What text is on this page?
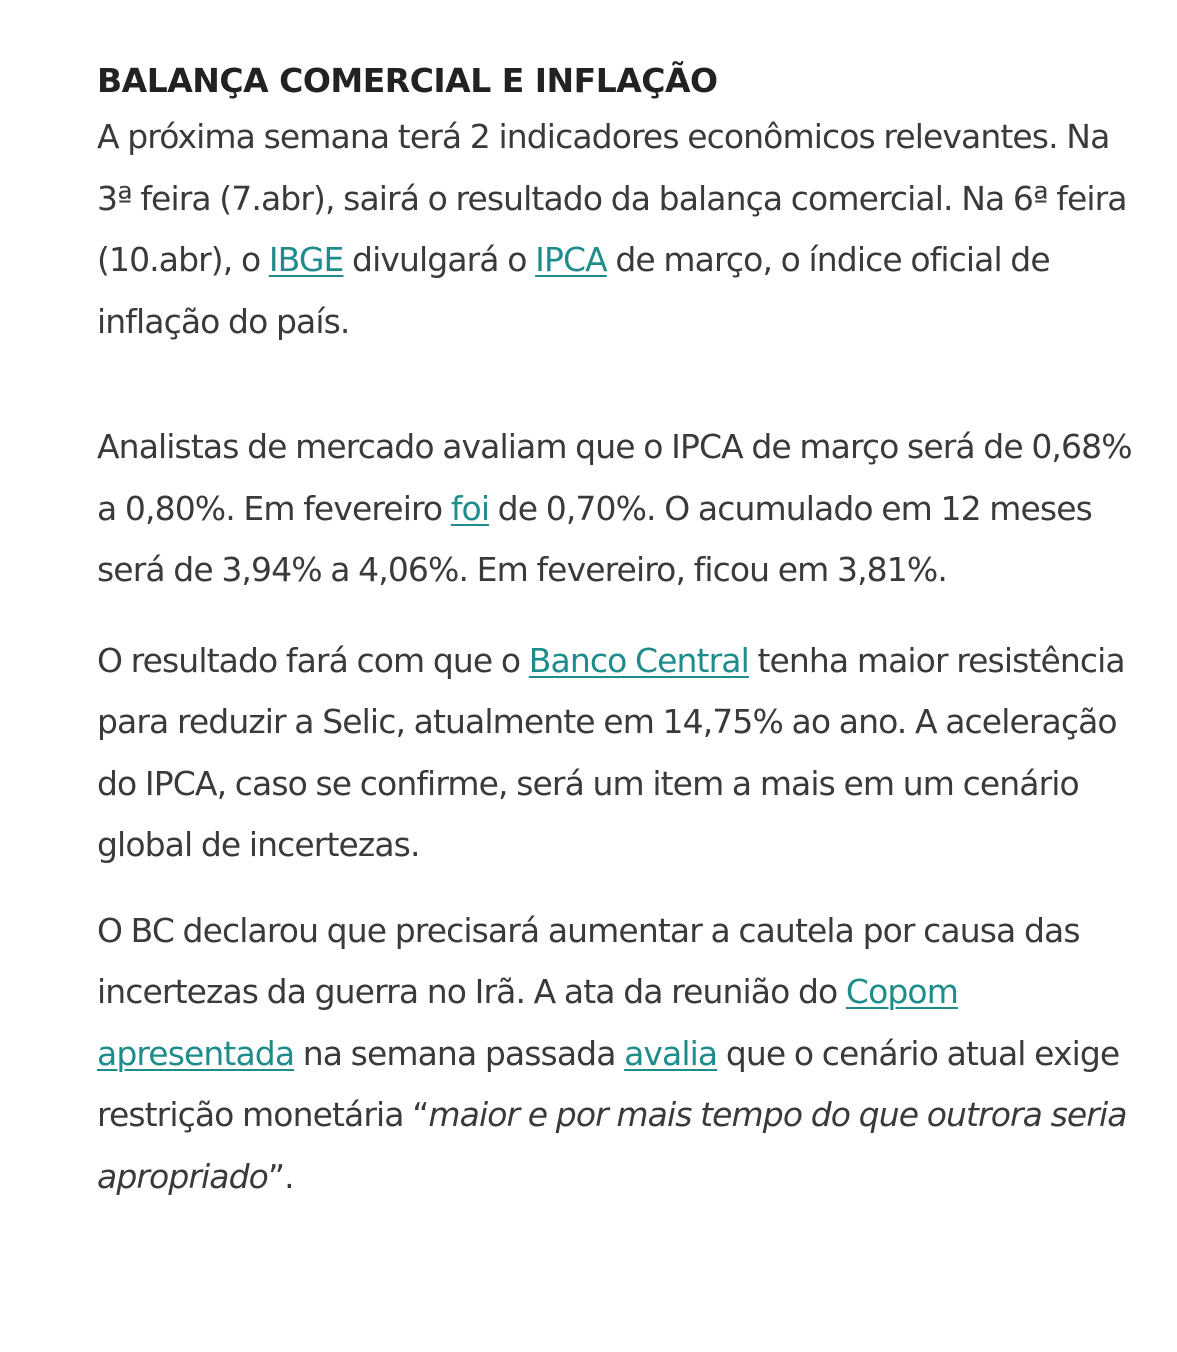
BALANÇA COMERCIAL E INFLAÇÃO

A próxima semana terá 2 indicadores econômicos relevantes. Na 3ª feira (7.abr), sairá o resultado da balança comercial. Na 6ª feira (10.abr), o IBGE divulgará o IPCA de março, o índice oficial de inflação do país.

Analistas de mercado avaliam que o IPCA de março será de 0,68% a 0,80%. Em fevereiro foi de 0,70%. O acumulado em 12 meses será de 3,94% a 4,06%. Em fevereiro, ficou em 3,81%.

O resultado fará com que o Banco Central tenha maior resistência para reduzir a Selic, atualmente em 14,75% ao ano. A aceleração do IPCA, caso se confirme, será um item a mais em um cenário global de incertezas.

O BC declarou que precisará aumentar a cautela por causa das incertezas da guerra no Irã. A ata da reunião do Copom apresentada na semana passada avalia que o cenário atual exige restrição monetária “maior e por mais tempo do que outrora seria apropriado”.
